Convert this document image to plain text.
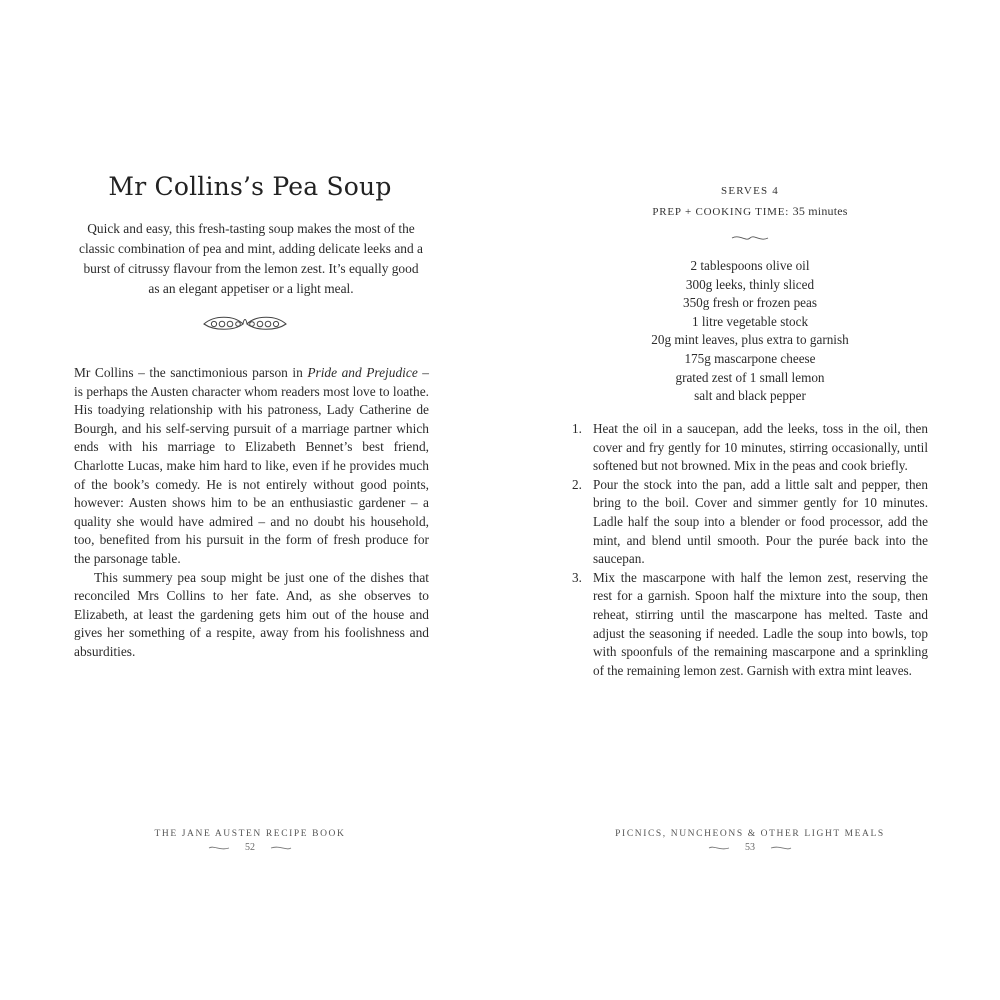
Mr Collins’s Pea Soup

Quick and easy, this fresh-tasting soup makes the most of the classic combination of pea and mint, adding delicate leeks and a burst of citrussy flavour from the lemon zest. It’s equally good as an elegant appetiser or a light meal.

Mr Collins – the sanctimonious parson in Pride and Prejudice – is perhaps the Austen character whom readers most love to loathe. His toadying relationship with his patroness, Lady Catherine de Bourgh, and his self-serving pursuit of a marriage partner which ends with his marriage to Elizabeth Bennet’s best friend, Charlotte Lucas, make him hard to like, even if he provides much of the book’s comedy. He is not entirely without good points, however: Austen shows him to be an enthusiastic gardener – a quality she would have admired – and no doubt his household, too, benefited from his pursuit in the form of fresh produce for the parsonage table.

This summery pea soup might be just one of the dishes that reconciled Mrs Collins to her fate. And, as she observes to Elizabeth, at least the gardening gets him out of the house and gives her something of a respite, away from his foolishness and absurdities.

THE JANE AUSTEN RECIPE BOOK
52
SERVES 4
PREP + COOKING TIME: 35 minutes
2 tablespoons olive oil
300g leeks, thinly sliced
350g fresh or frozen peas
1 litre vegetable stock
20g mint leaves, plus extra to garnish
175g mascarpone cheese
grated zest of 1 small lemon
salt and black pepper
1. Heat the oil in a saucepan, add the leeks, toss in the oil, then cover and fry gently for 10 minutes, stirring occasionally, until softened but not browned. Mix in the peas and cook briefly.
2. Pour the stock into the pan, add a little salt and pepper, then bring to the boil. Cover and simmer gently for 10 minutes. Ladle half the soup into a blender or food processor, add the mint, and blend until smooth. Pour the purée back into the saucepan.
3. Mix the mascarpone with half the lemon zest, reserving the rest for a garnish. Spoon half the mixture into the soup, then reheat, stirring until the mascarpone has melted. Taste and adjust the seasoning if needed. Ladle the soup into bowls, top with spoonfuls of the remaining mascarpone and a sprinkling of the remaining lemon zest. Garnish with extra mint leaves.
PICNICS, NUNCHEONS & OTHER LIGHT MEALS
53
